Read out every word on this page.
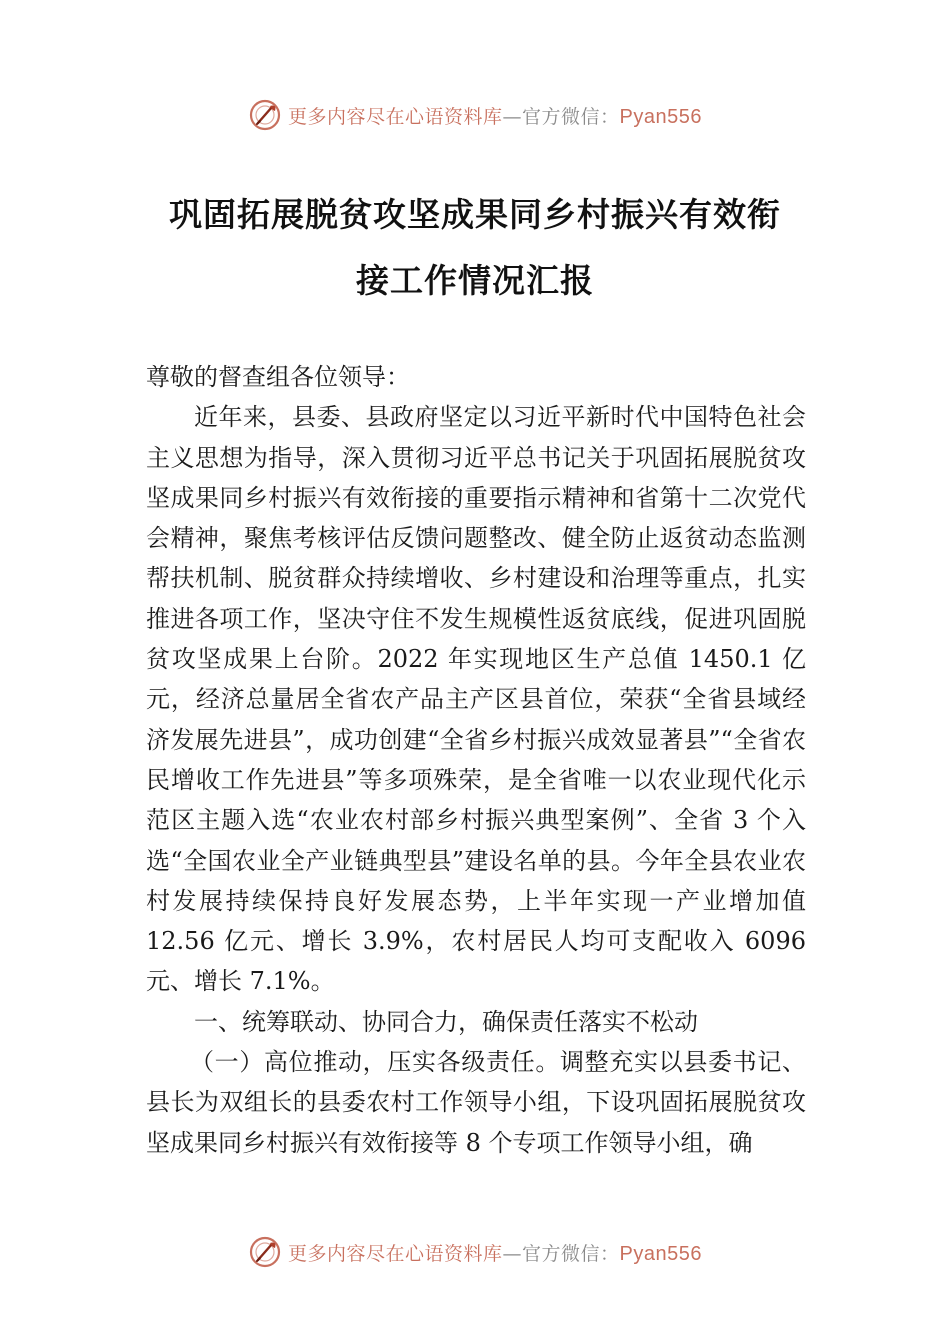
更多内容尽在心语资料库—官方微信：Pyan556
巩固拓展脱贫攻坚成果同乡村振兴有效衔
接工作情况汇报

尊敬的督查组各位领导：

近年来，县委、县政府坚定以习近平新时代中国特色社会主义思想为指导，深入贯彻习近平总书记关于巩固拓展脱贫攻坚成果同乡村振兴有效衔接的重要指示精神和省第十二次党代会精神，聚焦考核评估反馈问题整改、健全防止返贫动态监测帮扶机制、脱贫群众持续增收、乡村建设和治理等重点，扎实推进各项工作，坚决守住不发生规模性返贫底线，促进巩固脱贫攻坚成果上台阶。2022 年实现地区生产总值 1450.1 亿元，经济总量居全省农产品主产区县首位，荣获“全省县域经济发展先进县”，成功创建“全省乡村振兴成效显著县”“全省农民增收工作先进县”等多项殊荣，是全省唯一以农业现代化示范区主题入选“农业农村部乡村振兴典型案例”、全省 3 个入选“全国农业全产业链典型县”建设名单的县。今年全县农业农村发展持续保持良好发展态势，上半年实现一产业增加值 12.56 亿元、增长 3.9%，农村居民人均可支配收入 6096 元、增长 7.1%。

一、统筹联动、协同合力，确保责任落实不松动

（一）高位推动，压实各级责任。调整充实以县委书记、县长为双组长的县委农村工作领导小组，下设巩固拓展脱贫攻坚成果同乡村振兴有效衔接等 8 个专项工作领导小组，确

更多内容尽在心语资料库—官方微信：Pyan556
